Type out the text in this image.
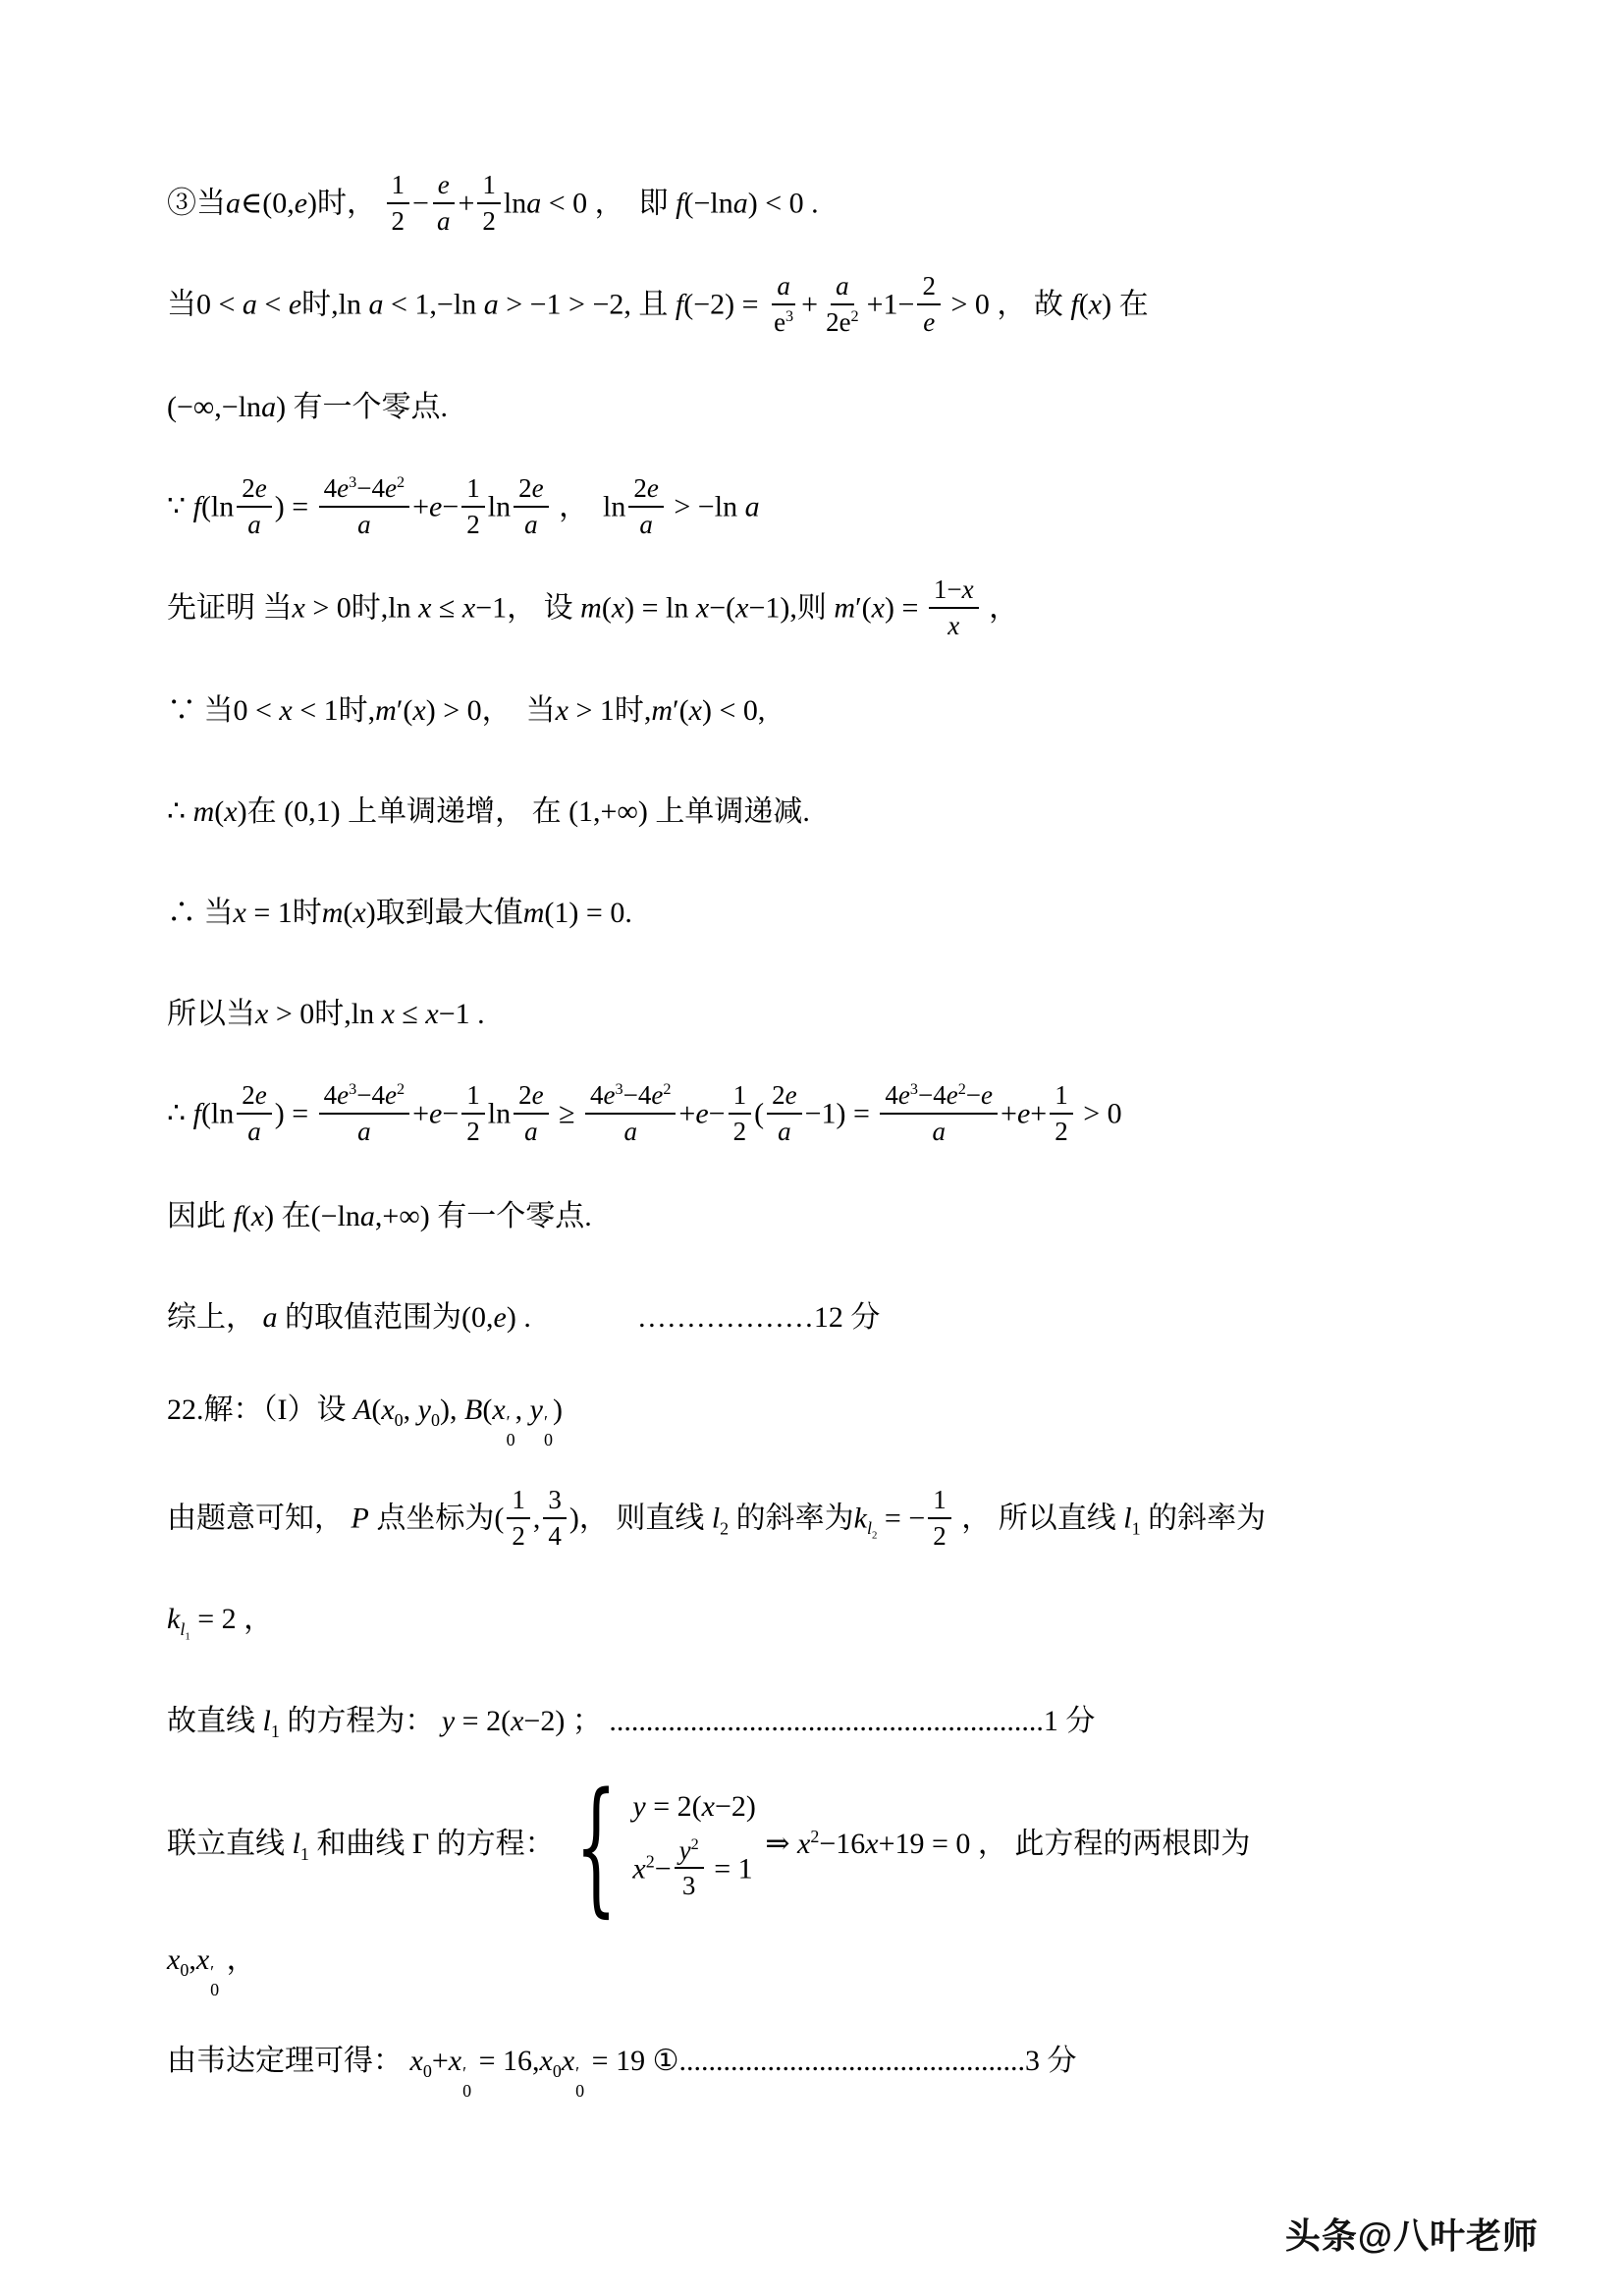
③当a∈(0,e)时， $\frac{1}{2} - \frac{e}{a} + \frac{1}{2}$ lna < 0 ，  即 f(−lna) < 0 .
当0 < a < e时,ln a < 1,−ln a > −1 > −2, 且 $f(-2) = \frac{a}{e^3} + \frac{a}{2e^2} +1- \frac{2}{e} > 0$ ， 故 f(x) 在
(−∞,−lna) 有一个零点.
∵ $f(\ln \frac{2e}{a}$ ) = $\frac{4e^3-4e^2}{a} +e- \frac{1}{2}$ $\ln \frac{2e}{a}$ ，  $\ln \frac{2e}{a} > -\ln$ a
先证明 当x > 0时,ln x ≤ x−1， 设 m(x) = ln x−(x−1),则 $m'(x) = \frac{1-x}{x}$ ，
∵ 当0 < x < 1时,m′(x) > 0，  当x > 1时,m′(x) < 0,
∴ m(x)在 (0,1) 上单调递增， 在 (1,+∞) 上单调递减.
∴ 当x = 1时m(x)取到最大值m(1) = 0.
所以当x > 0时,ln x ≤ x−1 .
∴ $f(\ln \frac{2e}{a}$ ) = $\frac{4e^3-4e^2}{a} +e- \frac{1}{2}$ $\ln \frac{2e}{a} \ge \frac{4e^3-4e^2}{a} +e- \frac{1}{2}$ ( $\frac{2e}{a} -1) = \frac{4e^3-4e^2-e}{a} +e+ \frac{1}{2} > 0$
因此 f(x) 在(−lna,+∞) 有一个零点.
综上， a 的取值范围为(0,e) .	………………12 分
22.解：（I）设 $A(x_0$, $y_0$), B(x ′
0
, y ′
0
)
由题意可知， P 点坐标为( $\frac{1}{2}$ , $\frac{3}{4}$ )， 则直线 $l_2$ 的斜率为$k_{l_2}$ = − $\frac{1}{2}$ ， 所以直线 $l_1$ 的斜率为
$k_{l_1} = 2$ ，
故直线 $l_1$ 的方程为： y = 2(x−2) ； ...........................................................1 分
联立直线 $l_1$ 和曲线 Γ 的方程： { y = 2(x−2)
$x^2- \frac{y^2}{3} = 1$
⇒ $x^2-16x+19 = 0$ ， 此方程的两根即为
$x_0,x$ ′
0
，
由韦达定理可得： $x_0+x$ ′
0
= $16,x_0x$ ′
0
= 19 ①...............................................3 分
头条@八叶老师
